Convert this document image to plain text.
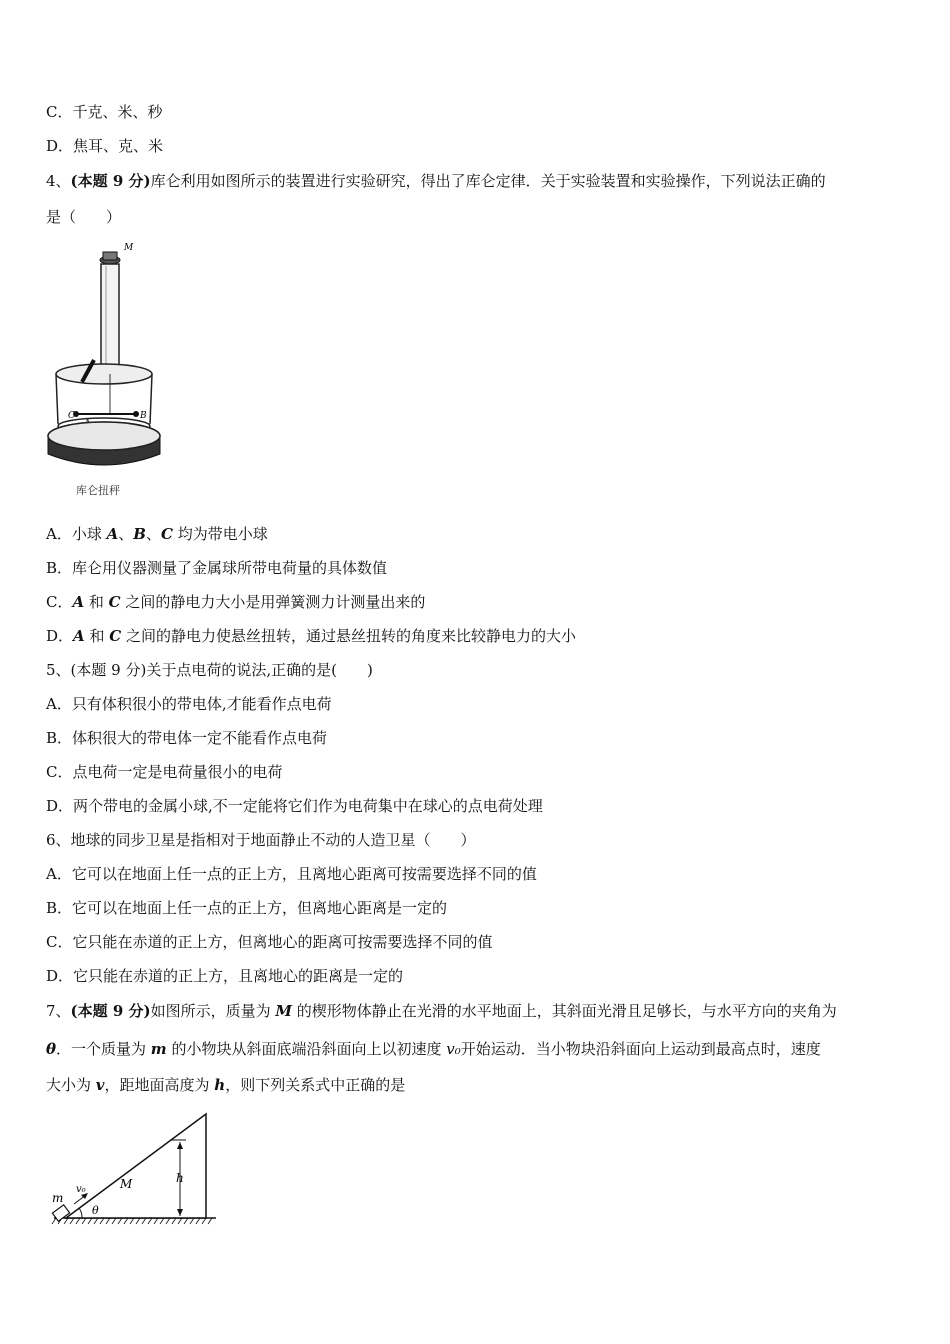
C．千克、米、秒
D．焦耳、克、米
4、(本题 9 分)库仑利用如图所示的装置进行实验研究，得出了库仑定律．关于实验装置和实验操作，下列说法正确的
是（　　）
M
C	B
库仑扭秤
A．小球 A、B、C 均为带电小球
B．库仑用仪器测量了金属球所带电荷量的具体数值
C．A 和 C 之间的静电力大小是用弹簧测力计测量出来的
D．A 和 C 之间的静电力使悬丝扭转，通过悬丝扭转的角度来比较静电力的大小
5、(本题 9 分)关于点电荷的说法,正确的是(　　)
A．只有体积很小的带电体,才能看作点电荷
B．体积很大的带电体一定不能看作点电荷
C．点电荷一定是电荷量很小的电荷
D．两个带电的金属小球,不一定能将它们作为电荷集中在球心的点电荷处理
6、地球的同步卫星是指相对于地面静止不动的人造卫星（　　）
A．它可以在地面上任一点的正上方，且离地心距离可按需要选择不同的值
B．它可以在地面上任一点的正上方，但离地心距离是一定的
C．它只能在赤道的正上方，但离地心的距离可按需要选择不同的值
D．它只能在赤道的正上方，且离地心的距离是一定的
7、(本题 9 分)如图所示，质量为 M 的楔形物体静止在光滑的水平地面上，其斜面光滑且足够长，与水平方向的夹角为
θ．一个质量为 m 的小物块从斜面底端沿斜面向上以初速度 v₀开始运动．当小物块沿斜面向上运动到最高点时，速度
大小为 v，距地面高度为 h，则下列关系式中正确的是
h
v₀
m
M
θ
